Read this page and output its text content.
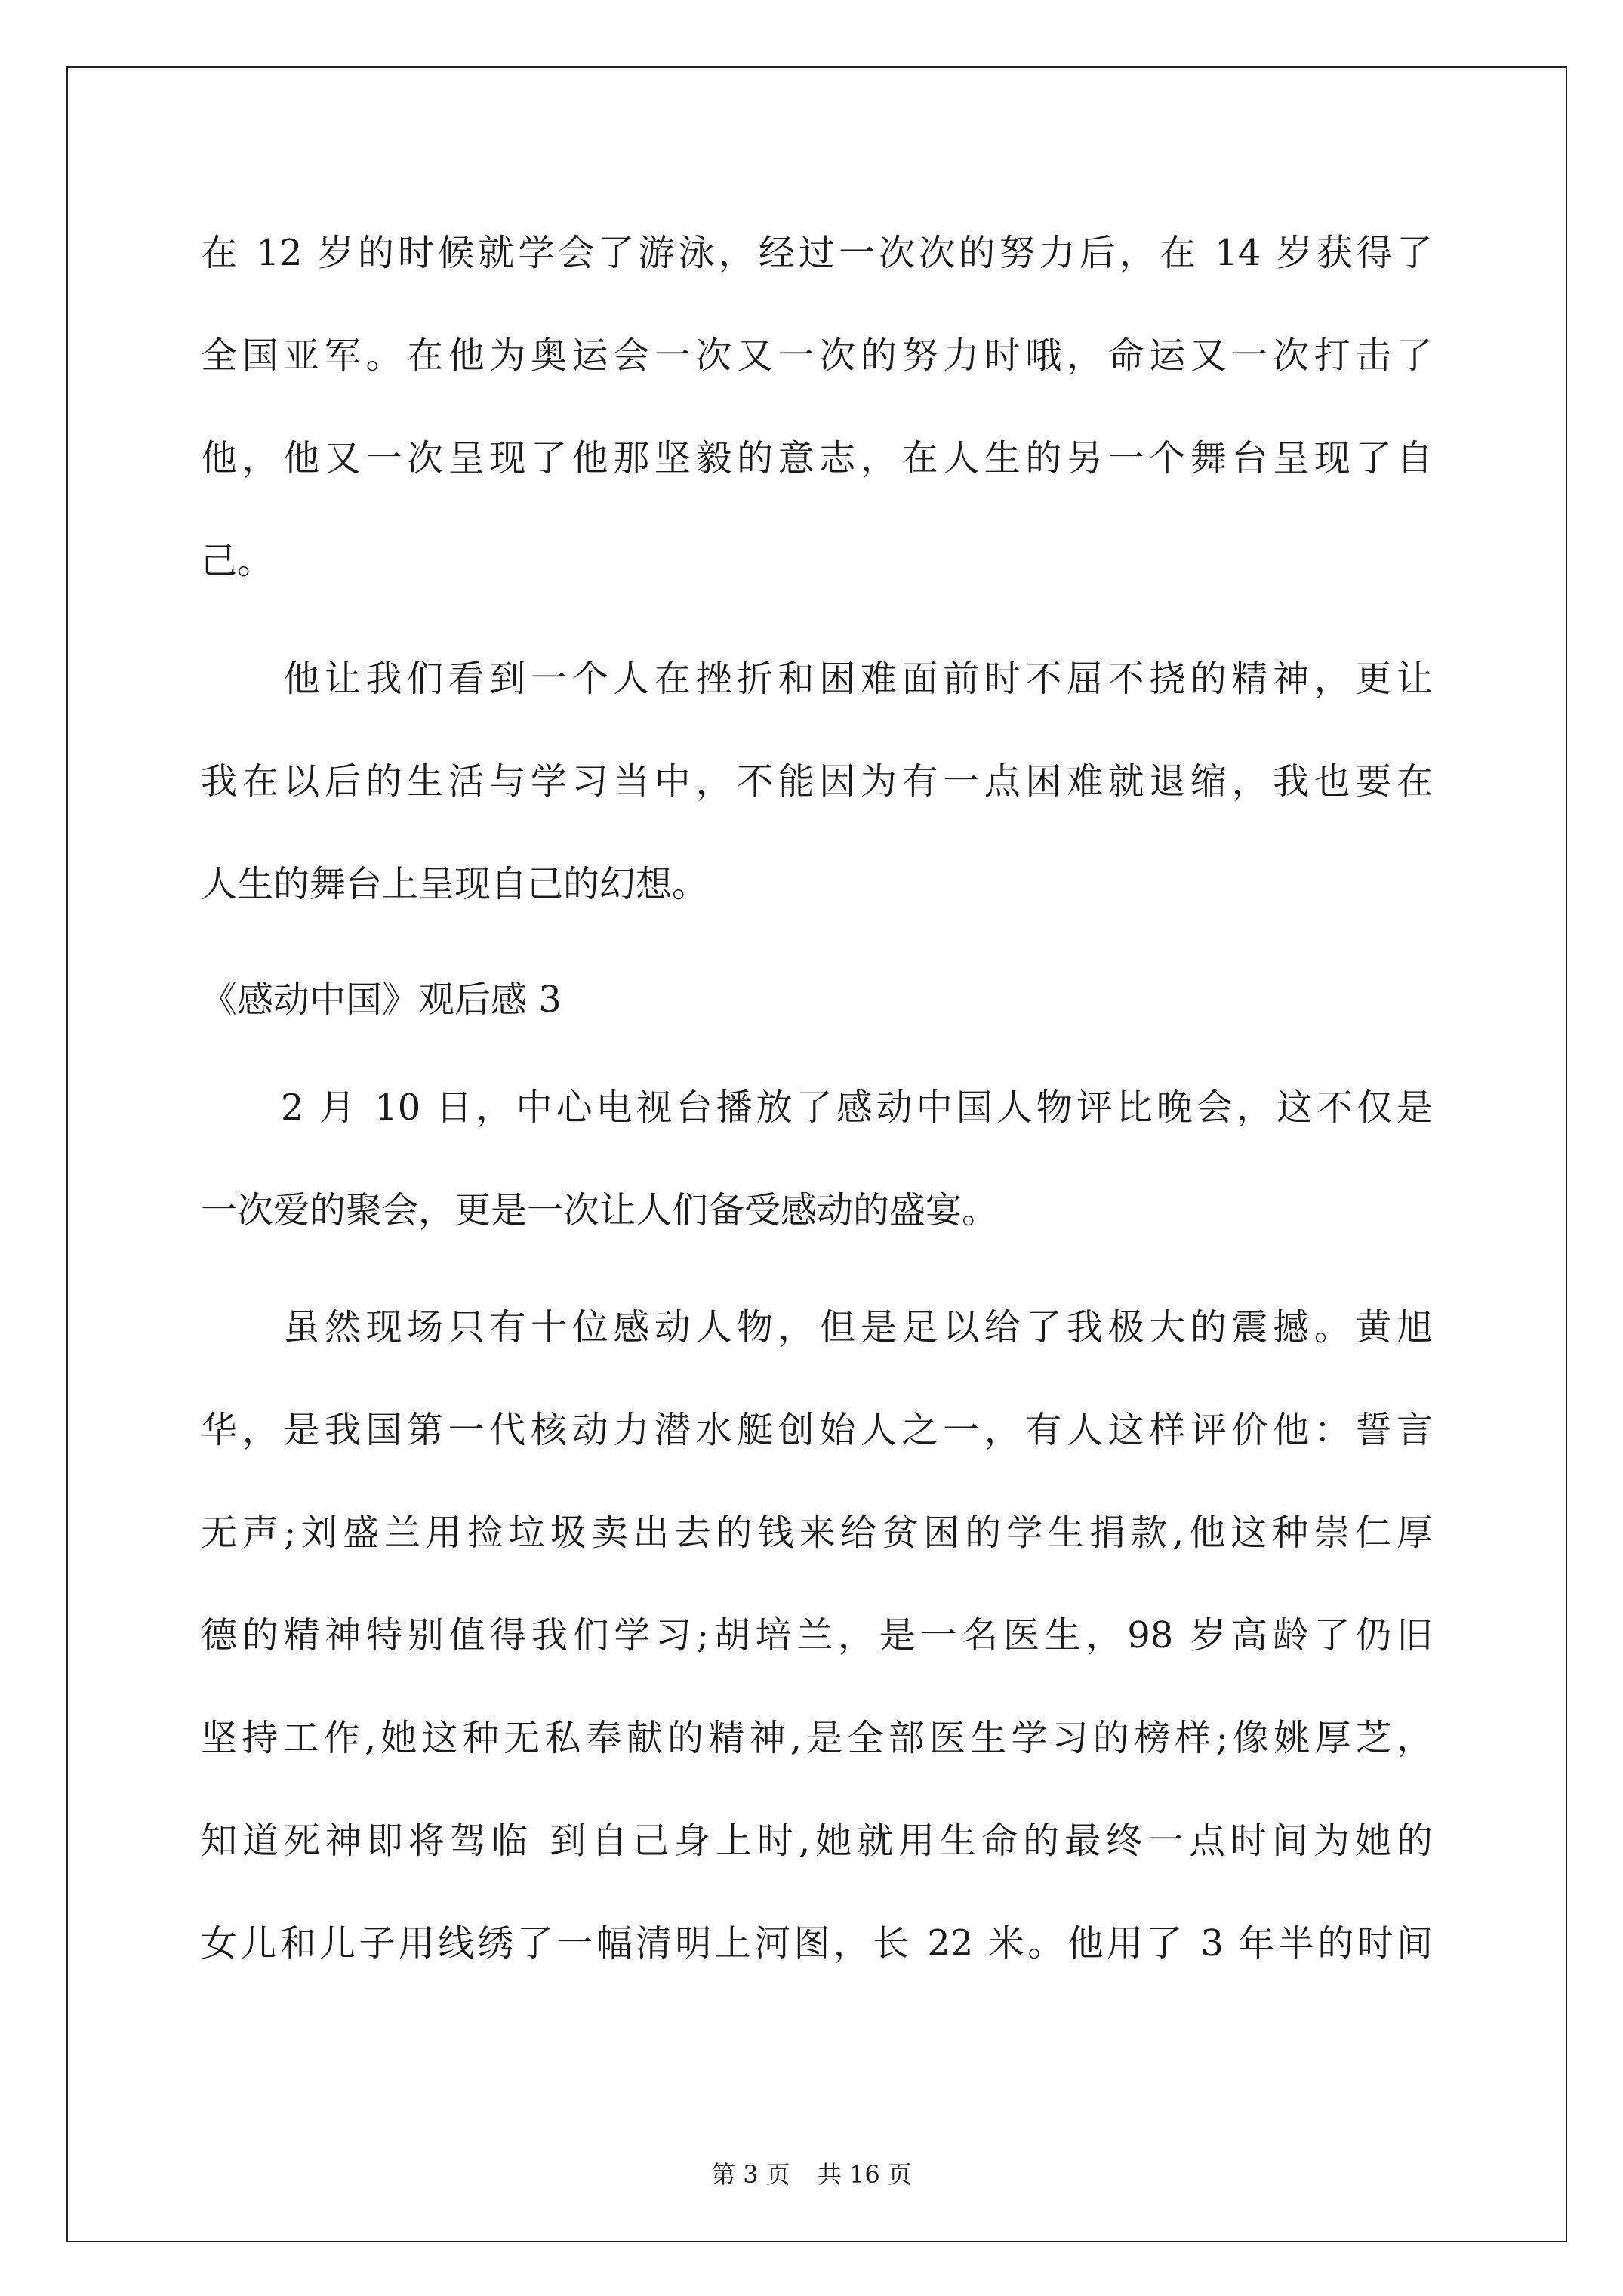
在 12 岁的时候就学会了游泳，经过一次次的努力后，在 14 岁获得了
全国亚军。在他为奥运会一次又一次的努力时哦，命运又一次打击了
他，他又一次呈现了他那坚毅的意志，在人生的另一个舞台呈现了自
己。
　　他让我们看到一个人在挫折和困难面前时不屈不挠的精神，更让
我在以后的生活与学习当中，不能因为有一点困难就退缩，我也要在
人生的舞台上呈现自己的幻想。
《感动中国》观后感 3
　　2 月 10 日，中心电视台播放了感动中国人物评比晚会，这不仅是
一次爱的聚会，更是一次让人们备受感动的盛宴。
　　虽然现场只有十位感动人物，但是足以给了我极大的震撼。黄旭
华，是我国第一代核动力潜水艇创始人之一，有人这样评价他：誓言
无声;刘盛兰用捡垃圾卖出去的钱来给贫困的学生捐款,他这种崇仁厚
德的精神特别值得我们学习;胡培兰，是一名医生，98 岁高龄了仍旧
坚持工作,她这种无私奉献的精神,是全部医生学习的榜样;像姚厚芝，
知道死神即将驾临 到自己身上时,她就用生命的最终一点时间为她的
女儿和儿子用线绣了一幅清明上河图，长 22 米。他用了 3 年半的时间
第 3 页 共 16 页
